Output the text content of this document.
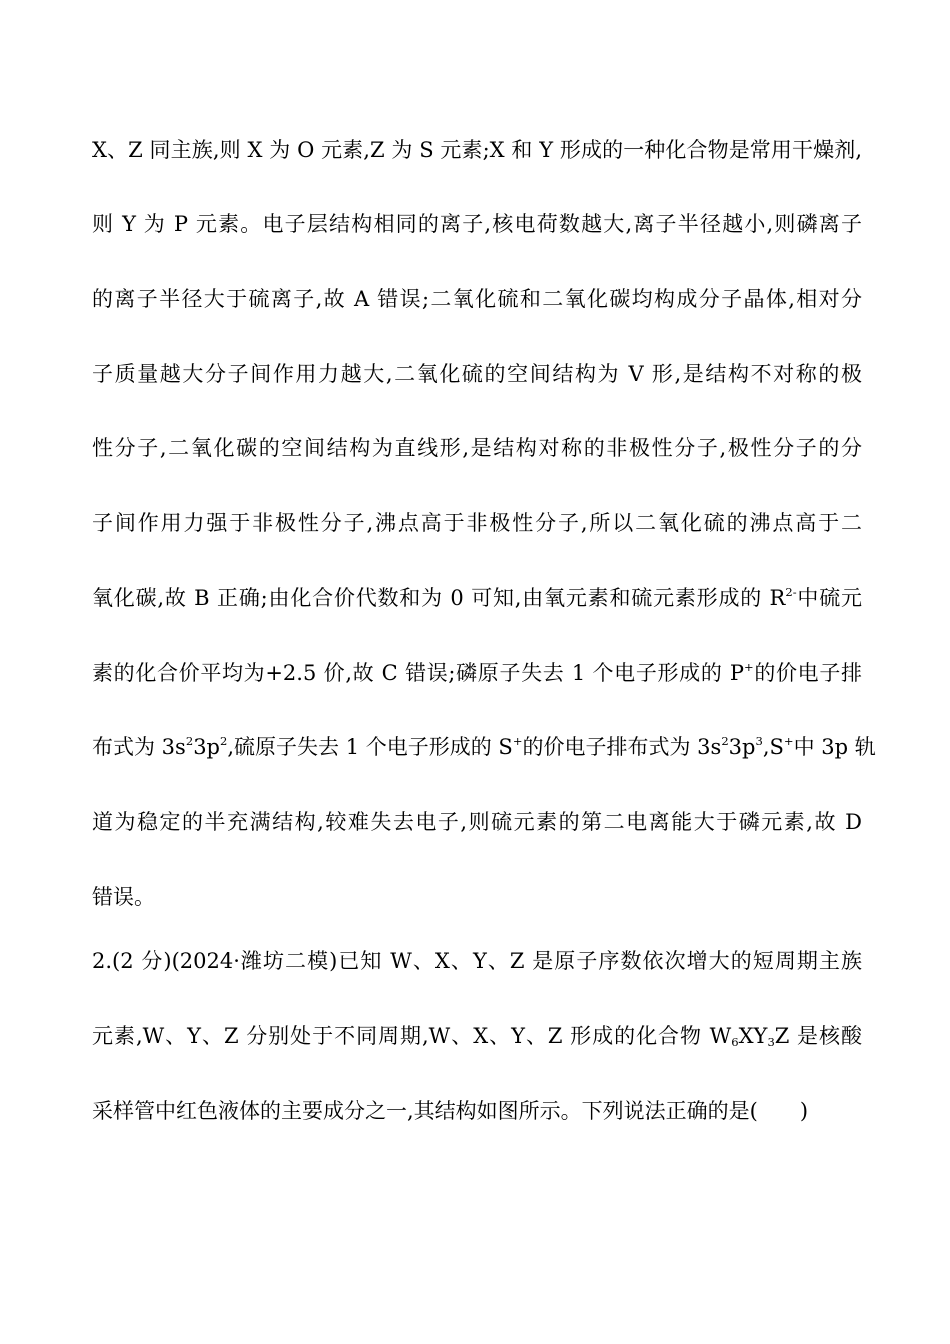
X、Z 同主族,则 X 为 O 元素,Z 为 S 元素;X 和 Y 形成的一种化合物是常用干燥剂,
则 Y 为 P 元素。电子层结构相同的离子,核电荷数越大,离子半径越小,则磷离子
的离子半径大于硫离子,故 A 错误;二氧化硫和二氧化碳均构成分子晶体,相对分
子质量越大分子间作用力越大,二氧化硫的空间结构为 V 形,是结构不对称的极
性分子,二氧化碳的空间结构为直线形,是结构对称的非极性分子,极性分子的分
子间作用力强于非极性分子,沸点高于非极性分子,所以二氧化硫的沸点高于二
氧化碳,故 B 正确;由化合价代数和为 0 可知,由氧元素和硫元素形成的 $R^{2-}$中硫元
素的化合价平均为+2.5 价,故 C 错误;磷原子失去 1 个电子形成的 P+的价电子排
布式为 $3s^23p^2$,硫原子失去 1 个电子形成的 S+的价电子排布式为 $3s^23p^3,S^+$中 3p 轨
道为稳定的半充满结构,较难失去电子,则硫元素的第二电离能大于磷元素,故 D
错误。
2.(2 分)(2024·潍坊二模)已知 W、X、Y、Z 是原子序数依次增大的短周期主族
元素,W、Y、Z 分别处于不同周期,W、X、Y、Z 形成的化合物 $W_6XY_3Z$ 是核酸
采样管中红色液体的主要成分之一,其结构如图所示。下列说法正确的是(　　)
